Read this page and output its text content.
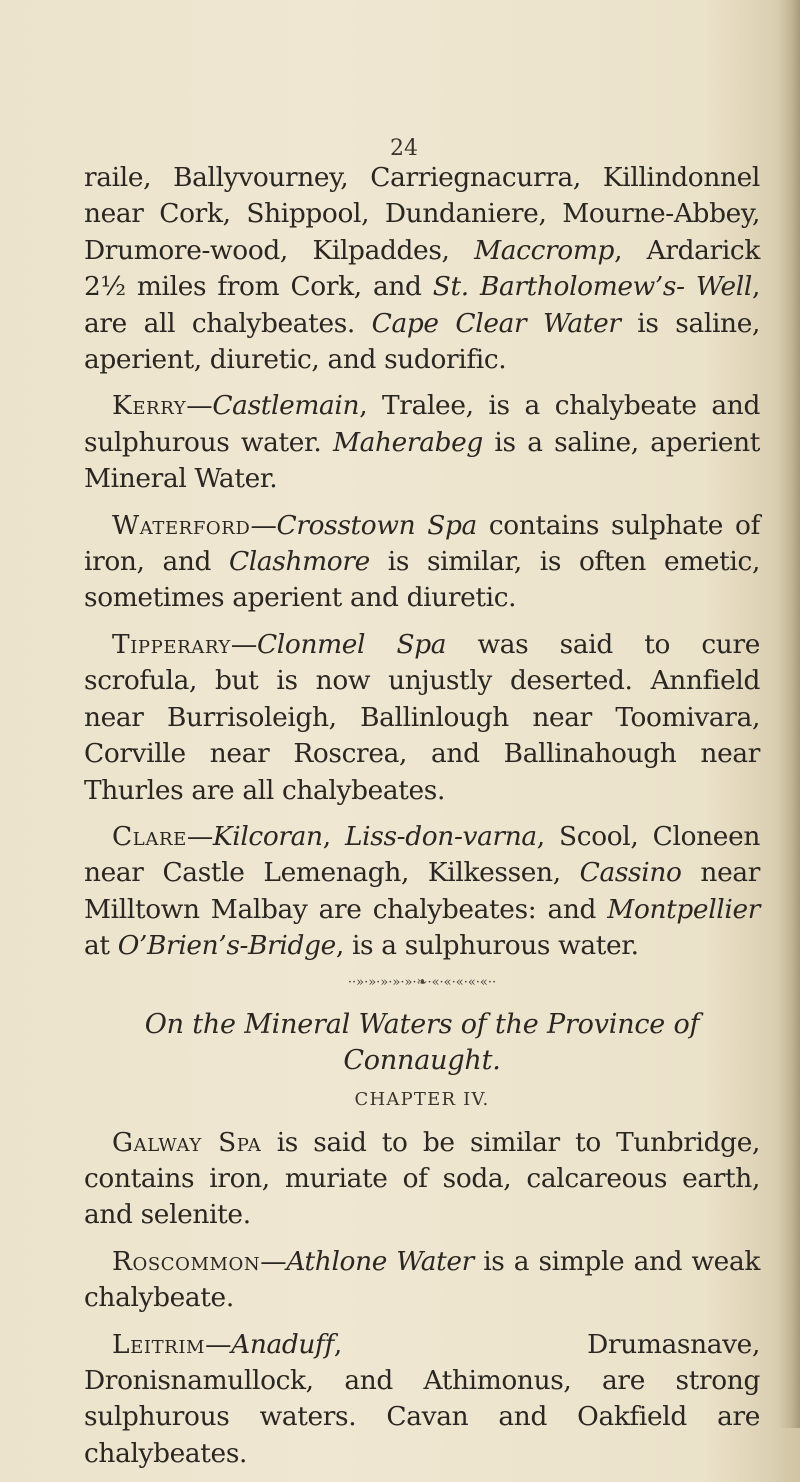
24
raile, Ballyvourney, Carriegnacurra, Killindonnel near Cork, Shippool, Dundaniere, Mourne-Abbey, Drumore-wood, Kilpaddes, Maccromp, Ardarick 2½ miles from Cork, and St. Bartholomew’s- Well, are all chalybeates. Cape Clear Water is saline, aperient, diuretic, and sudorific.
Kerry—Castlemain, Tralee, is a chalybeate and sulphurous water. Maherabeg is a saline, aperient Mineral Water.
Waterford—Crosstown Spa contains sulphate of iron, and Clashmore is similar, is often emetic, sometimes aperient and diuretic.
Tipperary—Clonmel Spa was said to cure scrofula, but is now unjustly deserted. Annfield near Burrisoleigh, Ballinlough near Toomivara, Corville near Roscrea, and Ballinahough near Thurles are all chalybeates.
Clare—Kilcoran, Liss-don-varna, Scool, Cloneen near Castle Lemenagh, Kilkessen, Cassino near Milltown Malbay are chalybeates: and Montpellier at O’Brien’s-Bridge, is a sulphurous water.
··»·»·»·»·»·❧·«·«·«·«·«··
On the Mineral Waters of the Province of Connaught.
CHAPTER IV.
Galway Spa is said to be similar to Tunbridge, contains iron, muriate of soda, calcareous earth, and selenite.
Roscommon—Athlone Water is a simple and weak chalybeate.
Leitrim—Anaduff, Drumasnave, Dronisnamullock, and Athimonus, are strong sulphurous waters. Cavan and Oakfield are chalybeates.
